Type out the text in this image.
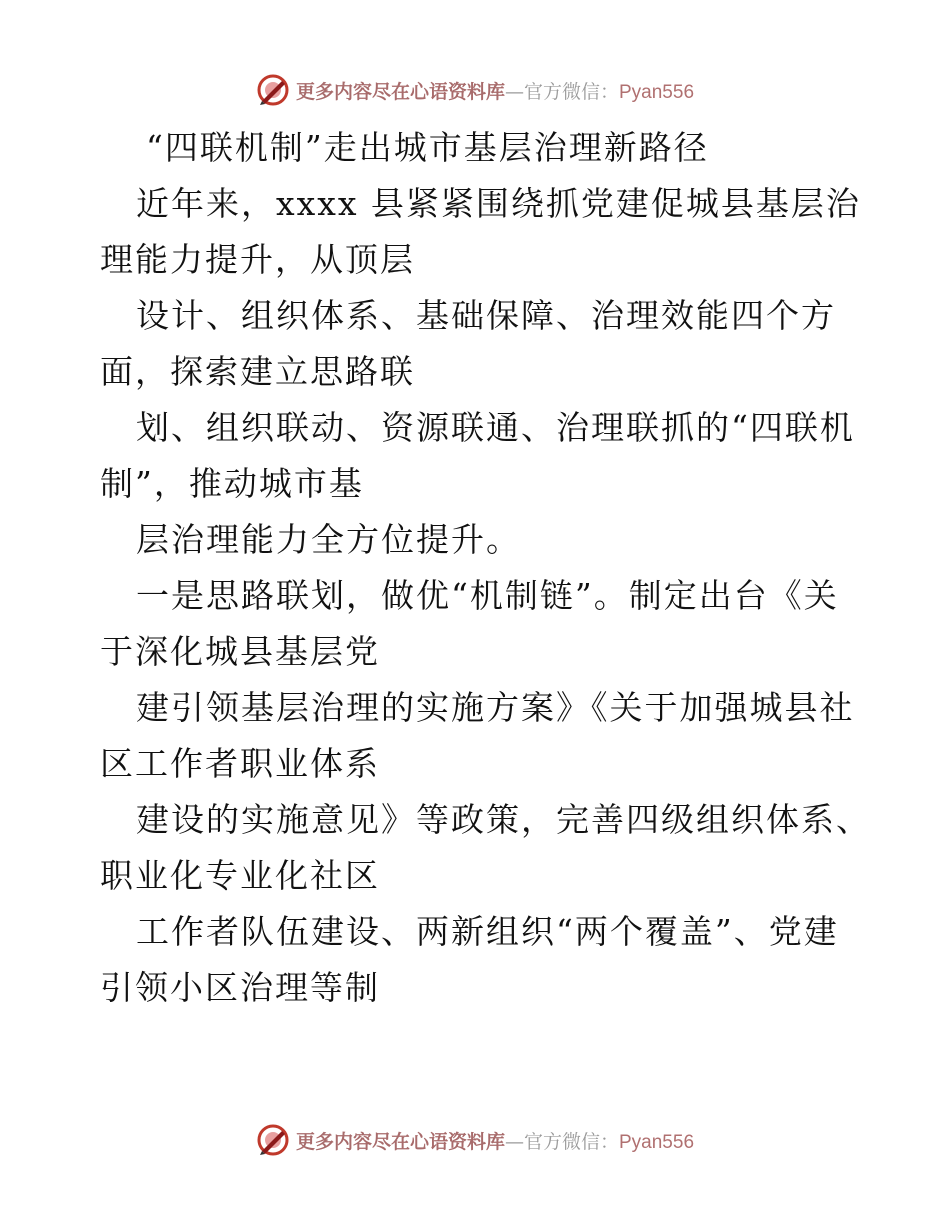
更多内容尽在心语资料库—官方微信：Pyan556
“四联机制”走出城市基层治理新路径

近年来，xxxx 县紧紧围绕抓党建促城县基层治
理能力提升，从顶层

设计、组织体系、基础保障、治理效能四个方
面，探索建立思路联

划、组织联动、资源联通、治理联抓的“四联机
制”，推动城市基

层治理能力全方位提升。

一是思路联划，做优“机制链”。制定出台《关
于深化城县基层党

建引领基层治理的实施方案》《关于加强城县社
区工作者职业体系

建设的实施意见》等政策，完善四级组织体系、
职业化专业化社区

工作者队伍建设、两新组织“两个覆盖”、党建
引领小区治理等制

更多内容尽在心语资料库—官方微信：Pyan556
